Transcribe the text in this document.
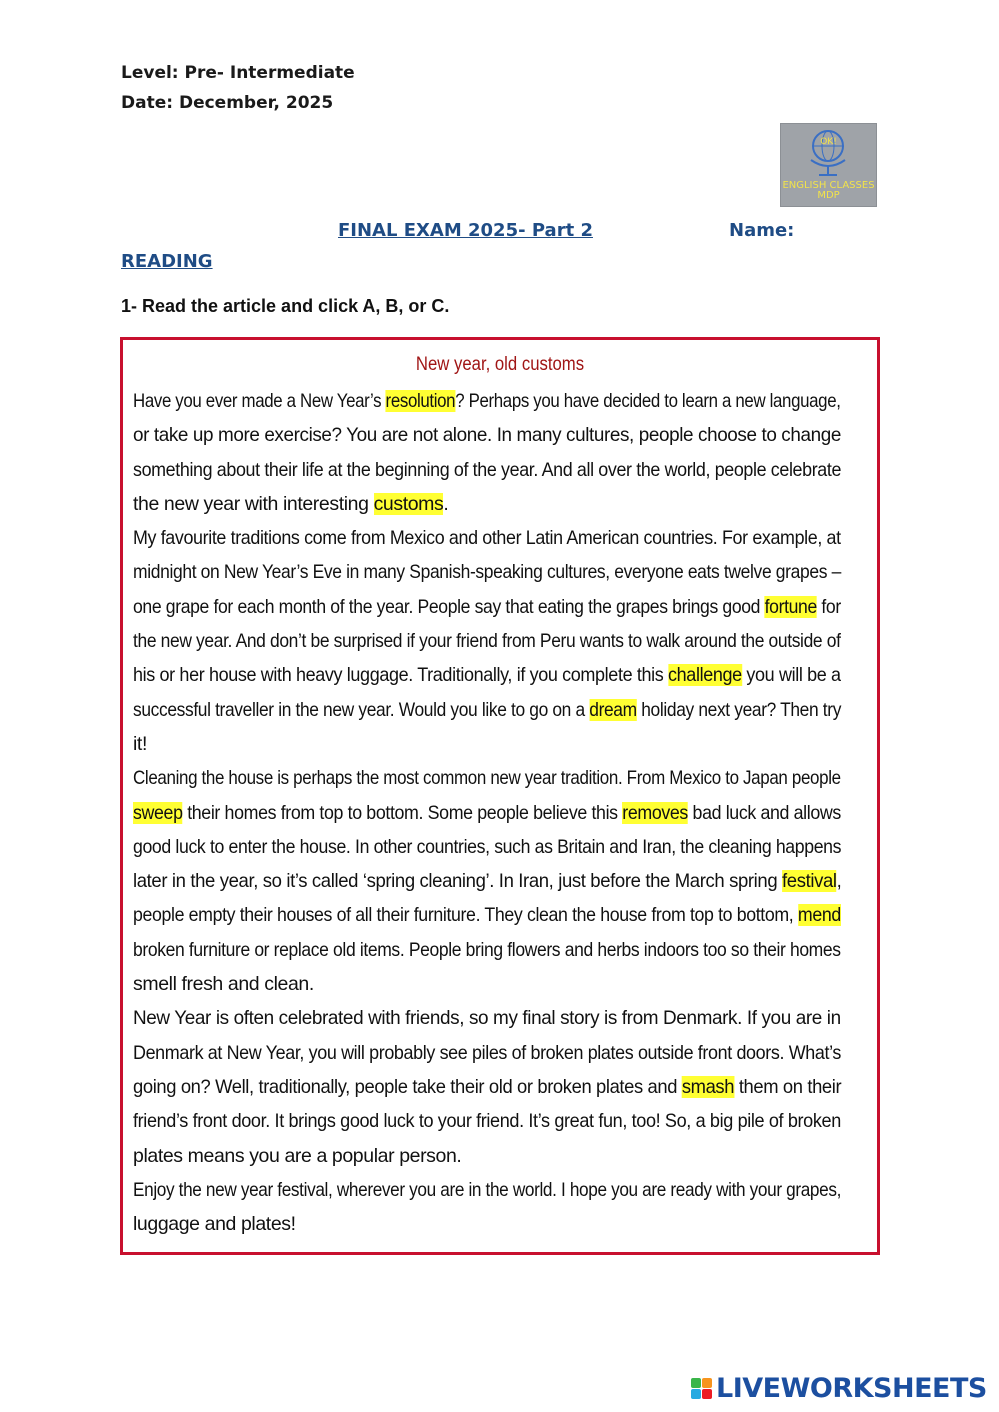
Level: Pre- Intermediate
Date: December, 2025
OK!
ENGLISH CLASSES
MDP
FINAL EXAM 2025- Part 2	Name:
READING
1- Read the article and click A, B, or C.
New year, old customs
Have you ever made a New Year’s resolution? Perhaps you have decided to learn a new language,
or take up more exercise? You are not alone. In many cultures, people choose to change
something about their life at the beginning of the year. And all over the world, people celebrate
the new year with interesting customs.
My favourite traditions come from Mexico and other Latin American countries. For example, at
midnight on New Year’s Eve in many Spanish-speaking cultures, everyone eats twelve grapes –
one grape for each month of the year. People say that eating the grapes brings good fortune for
the new year. And don’t be surprised if your friend from Peru wants to walk around the outside of
his or her house with heavy luggage. Traditionally, if you complete this challenge you will be a
successful traveller in the new year. Would you like to go on a dream holiday next year? Then try
it!
Cleaning the house is perhaps the most common new year tradition. From Mexico to Japan people
sweep their homes from top to bottom. Some people believe this removes bad luck and allows
good luck to enter the house. In other countries, such as Britain and Iran, the cleaning happens
later in the year, so it’s called ‘spring cleaning’. In Iran, just before the March spring festival,
people empty their houses of all their furniture. They clean the house from top to bottom, mend
broken furniture or replace old items. People bring flowers and herbs indoors too so their homes
smell fresh and clean.
New Year is often celebrated with friends, so my final story is from Denmark. If you are in
Denmark at New Year, you will probably see piles of broken plates outside front doors. What’s
going on? Well, traditionally, people take their old or broken plates and smash them on their
friend’s front door. It brings good luck to your friend. It’s great fun, too! So, a big pile of broken
plates means you are a popular person.
Enjoy the new year festival, wherever you are in the world. I hope you are ready with your grapes,
luggage and plates!
LIVEWORKSHEETS
